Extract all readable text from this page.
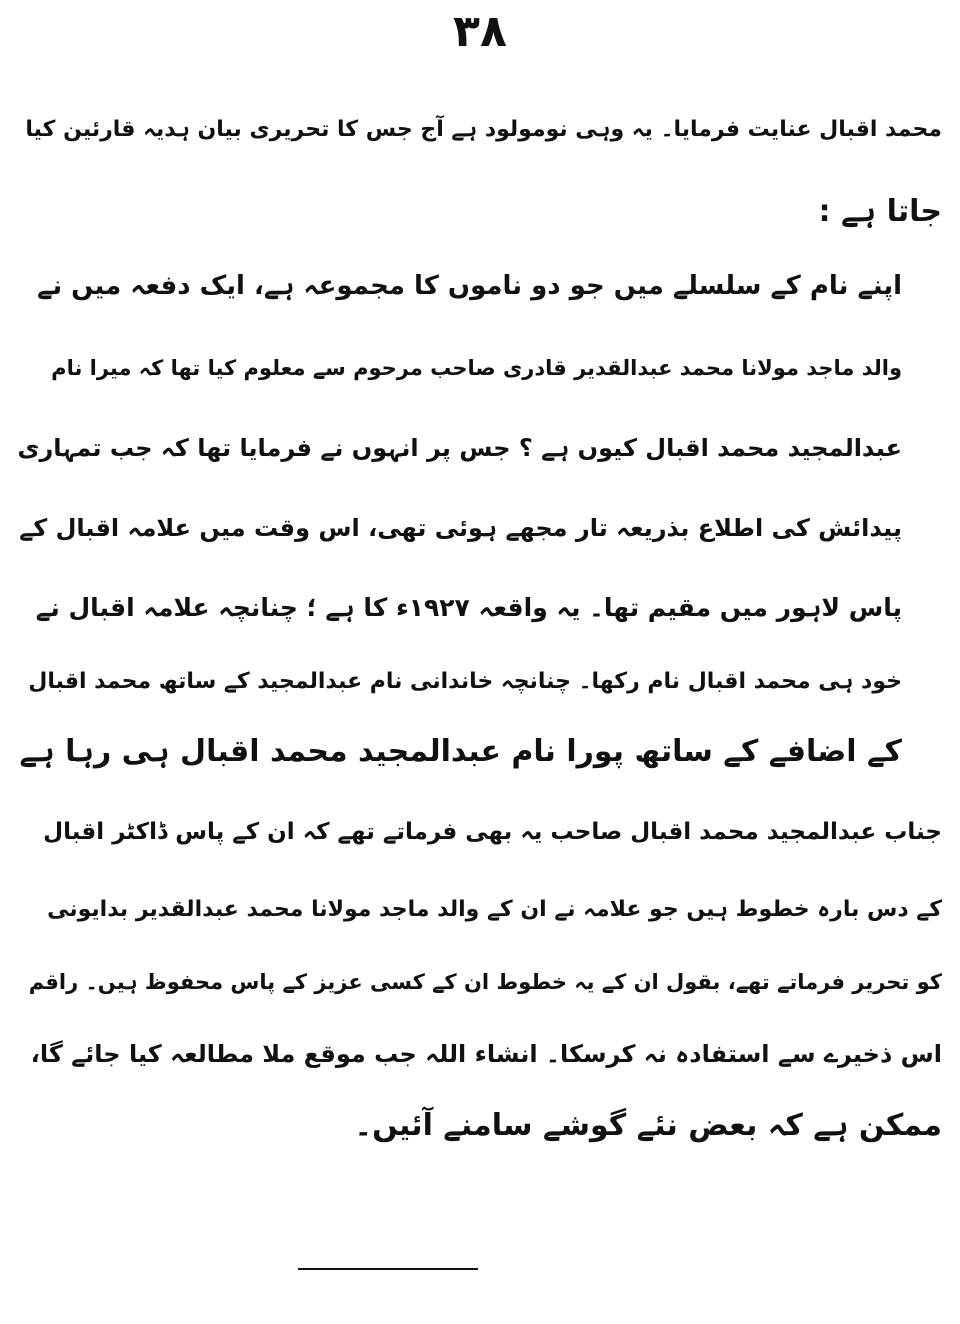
۳۸
محمد اقبال عنایت فرمایا۔ یہ وہی نومولود ہے آج جس کا تحریری بیان ہدیہ قارئین کیا
جاتا ہے :
اپنے نام کے سلسلے میں جو دو ناموں کا مجموعہ ہے، ایک دفعہ میں نے
والد ماجد مولانا محمد عبدالقدیر قادری صاحب مرحوم سے معلوم کیا تھا کہ میرا نام
عبدالمجید محمد اقبال کیوں ہے ؟ جس پر انہوں نے فرمایا تھا کہ جب تمہاری
پیدائش کی اطلاع بذریعہ تار مجھے ہوئی تھی، اس وقت میں علامہ اقبال کے
پاس لاہور میں مقیم تھا۔ یہ واقعہ ۱۹۲۷ء کا ہے ؛ چنانچہ علامہ اقبال نے
خود ہی محمد اقبال نام رکھا۔ چنانچہ خاندانی نام عبدالمجید کے ساتھ محمد اقبال
کے اضافے کے ساتھ پورا نام عبدالمجید محمد اقبال ہی رہا ہے
جناب عبدالمجید محمد اقبال صاحب یہ بھی فرماتے تھے کہ ان کے پاس ڈاکٹر اقبال
کے دس بارہ خطوط ہیں جو علامہ نے ان کے والد ماجد مولانا محمد عبدالقدیر بدایونی
کو تحریر فرماتے تھے، بقول ان کے یہ خطوط ان کے کسی عزیز کے پاس محفوظ ہیں۔ راقم
اس ذخیرے سے استفادہ نہ کرسکا۔ انشاء اللہ جب موقع ملا مطالعہ کیا جائے گا،
ممکن ہے کہ بعض نئے گوشے سامنے آئیں۔
